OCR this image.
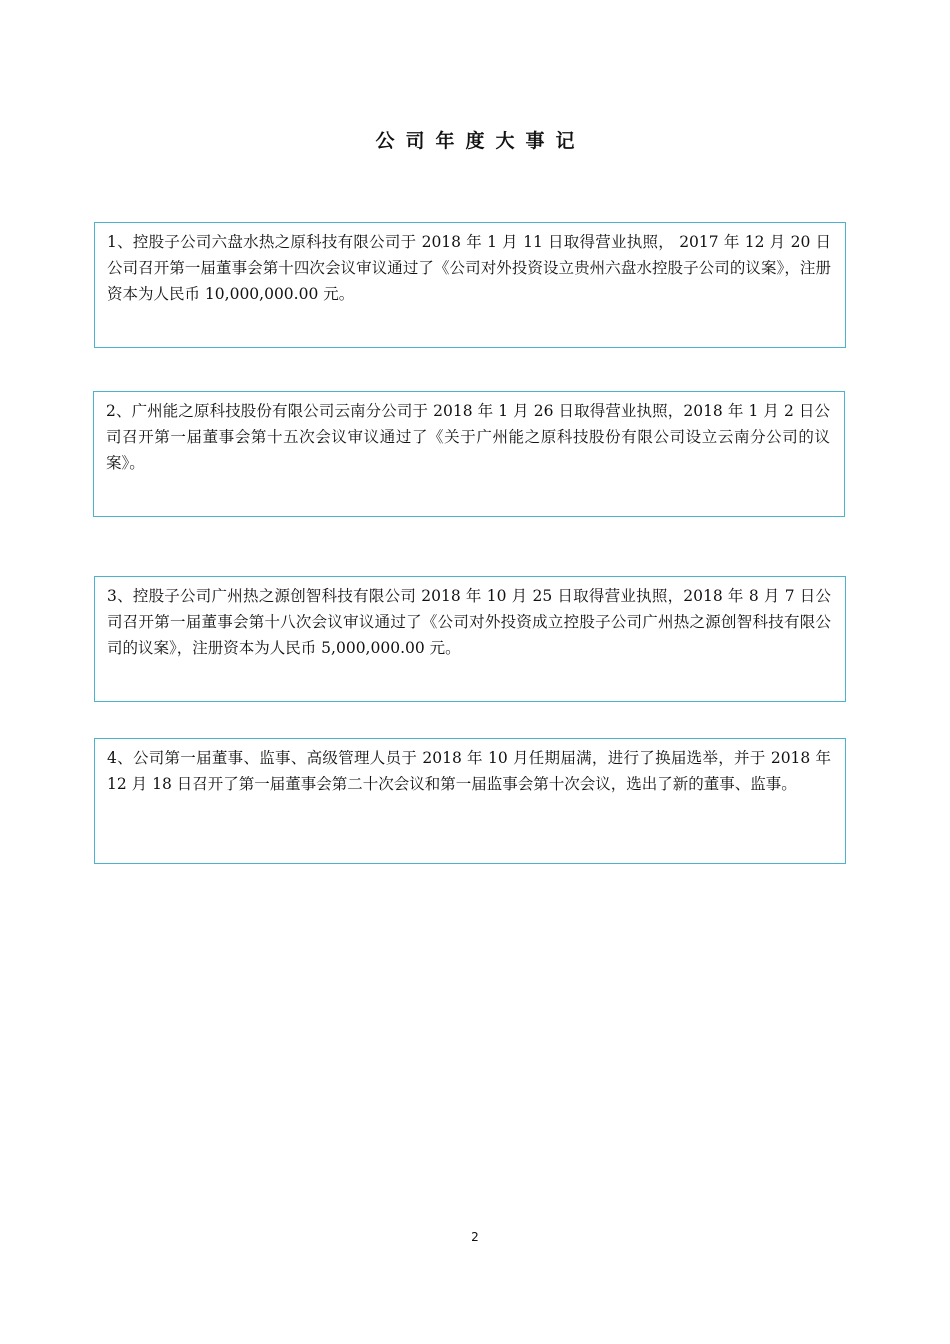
公司年度大事记
1、控股子公司六盘水热之原科技有限公司于 2018 年 1 月 11 日取得营业执照， 2017 年 12 月 20 日公司召开第一届董事会第十四次会议审议通过了《公司对外投资设立贵州六盘水控股子公司的议案》，注册资本为人民币 10,000,000.00 元。
2、广州能之原科技股份有限公司云南分公司于 2018 年 1 月 26 日取得营业执照，2018 年 1 月 2 日公司召开第一届董事会第十五次会议审议通过了《关于广州能之原科技股份有限公司设立云南分公司的议案》。
3、控股子公司广州热之源创智科技有限公司 2018 年 10 月 25 日取得营业执照，2018 年 8 月 7 日公司召开第一届董事会第十八次会议审议通过了《公司对外投资成立控股子公司广州热之源创智科技有限公司的议案》，注册资本为人民币 5,000,000.00 元。
4、公司第一届董事、监事、高级管理人员于 2018 年 10 月任期届满，进行了换届选举，并于 2018 年 12 月 18 日召开了第一届董事会第二十次会议和第一届监事会第十次会议，选出了新的董事、监事。
2
